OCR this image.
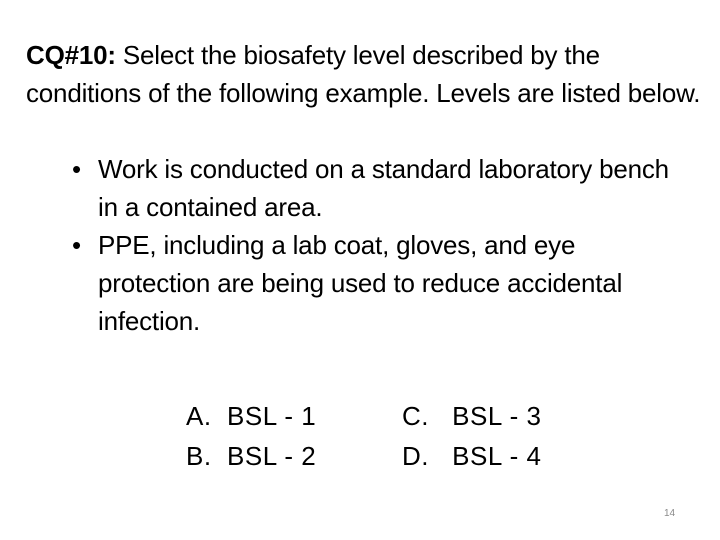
CQ#10: Select the biosafety level described by the conditions of the following example. Levels are listed below.
• Work is conducted on a standard laboratory bench in a contained area.
• PPE, including a lab coat, gloves, and eye protection are being used to reduce accidental infection.
A.  BSL - 1
B.  BSL - 2
C.   BSL - 3
D.   BSL - 4
14
